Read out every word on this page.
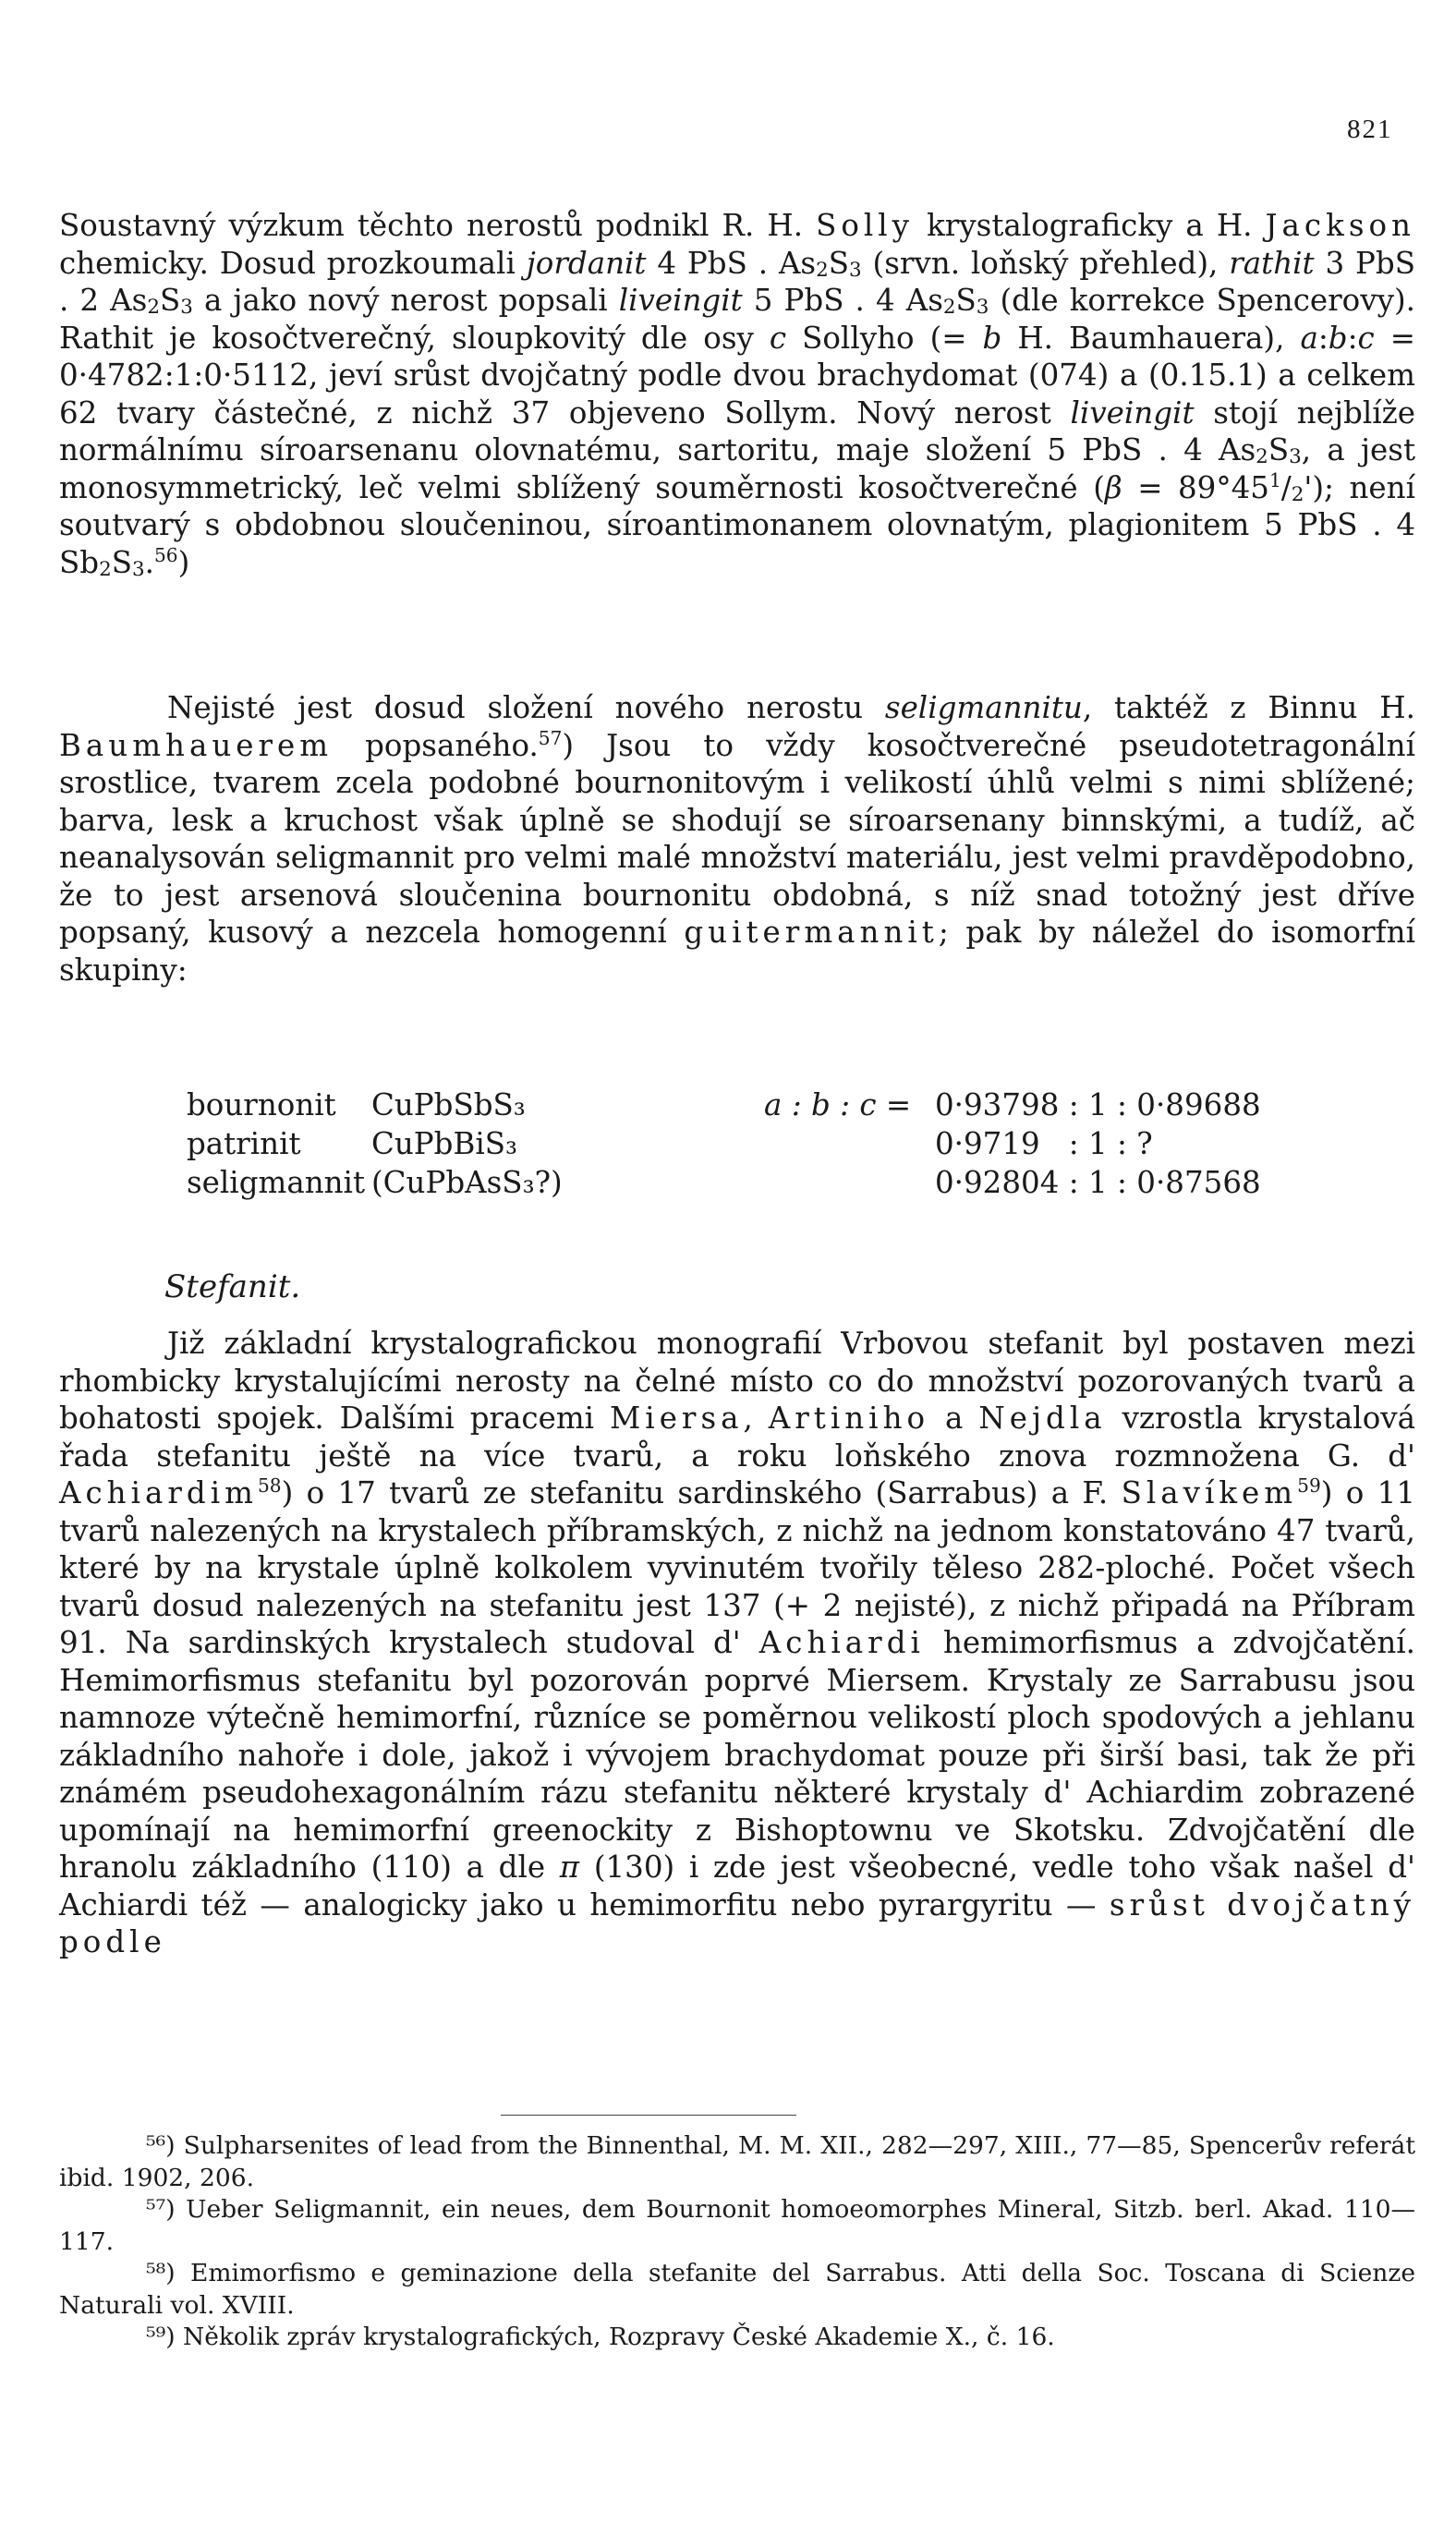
821

Soustavný výzkum těchto nerostů podnikl R. H. Solly krystalograficky a H. Jackson chemicky. Dosud prozkoumali jordanit 4 PbS . $As_2S_3$ (srvn. loňský přehled), rathit 3 PbS . 2 $As_2S_3$ a jako nový nerost popsali liveingit 5 PbS . 4 $As_2S_3$ (dle korrekce Spencerovy). Rathit je kosočtverečný, sloupkovitý dle osy c Sollyho (= b H. Baumhauera), a:b:c = 0·4782:1:0·5112, jeví srůst dvojčatný podle dvou brachydomat (074) a (0.15.1) a celkem 62 tvary částečné, z nichž 37 objeveno Sollym. Nový nerost liveingit stojí nejblíže normálnímu síroarsenanu olovnatému, sartoritu, maje složení 5 PbS . 4 $As_2S_3$, a jest monosymmetrický, leč velmi sblížený souměrnosti kosočtverečné $(\beta = 89^\circ 45^1/_2')$; není soutvarý s obdobnou sloučeninou, síroantimonanem olovnatým, plagionitem 5 PbS . 4 $Sb_2S_3.^{56}$)

Nejisté jest dosud složení nového nerostu seligmannitu, taktéž z Binnu H. Baumhauerem popsaného.$^{57}$) Jsou to vždy kosočtverečné pseudotetragonální srostlice, tvarem zcela podobné bournonitovým i velikostí úhlů velmi s nimi sblížené; barva, lesk a kruchost však úplně se shodují se síroarsenany binnskými, a tudíž, ač neanalysován seligmannit pro velmi malé množství materiálu, jest velmi pravděpodobno, že to jest arsenová sloučenina bournonitu obdobná, s níž snad totožný jest dříve popsaný, kusový a nezcela homogenní guitermannit; pak by náležel do isomorfní skupiny:

bournonit CuPbSbS₃	a : b : c = 0·93798 : 1 : 0·89688
patrinit CuPbBiS₃	0·9719   : 1 : ?
seligmannit (CuPbAsS₃?)	0·92804 : 1 : 0·87568
Stefanit.

Již základní krystalografickou monografií Vrbovou stefanit byl postaven mezi rhombicky krystalujícími nerosty na čelné místo co do množství pozorovaných tvarů a bohatosti spojek. Dalšími pracemi Miersa, Artiniho a Nejdla vzrostla krystalová řada stefanitu ještě na více tvarů, a roku loňského znova rozmnožena G. d' Achiardim$^{58}$) o 17 tvarů ze stefanitu sardinského (Sarrabus) a F. Slavíkem$^{59}$) o 11 tvarů nalezených na krystalech příbramských, z nichž na jednom konstatováno 47 tvarů, které by na krystale úplně kolkolem vyvinutém tvořily těleso 282-ploché. Počet všech tvarů dosud nalezených na stefanitu jest 137 (+ 2 nejisté), z nichž připadá na Příbram 91. Na sardinských krystalech studoval d' Achiardi hemimorfismus a zdvojčatění. Hemimorfismus stefanitu byl pozorován poprvé Miersem. Krystaly ze Sarrabusu jsou namnoze výtečně hemimorfní, různíce se poměrnou velikostí ploch spodových a jehlanu základního nahoře i dole, jakož i vývojem brachydomat pouze při širší basi, tak že při známém pseudohexagonálním rázu stefanitu některé krystaly d' Achiardim zobrazené upomínají na hemimorfní greenockity z Bishoptownu ve Skotsku. Zdvojčatění dle hranolu základního (110) a dle π (130) i zde jest všeobecné, vedle toho však našel d' Achiardi též — analogicky jako u hemimorfitu nebo pyrargyritu — srůst dvojčatný podle

⁵⁶) Sulpharsenites of lead from the Binnenthal, M. M. XII., 282—297, XIII., 77—85, Spencerův referát ibid. 1902, 206.

⁵⁷) Ueber Seligmannit, ein neues, dem Bournonit homoeomorphes Mineral, Sitzb. berl. Akad. 110—117.

⁵⁸) Emimorfismo e geminazione della stefanite del Sarrabus. Atti della Soc. Toscana di Scienze Naturali vol. XVIII.

⁵⁹) Několik zpráv krystalografických, Rozpravy České Akademie X., č. 16.
